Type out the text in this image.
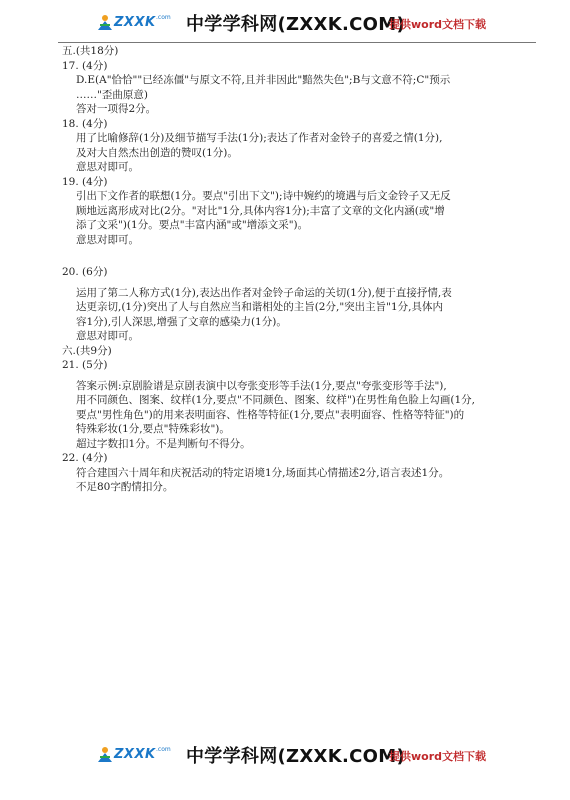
ZXXK .com 中学学科网(ZXXK.COM)
提供word文档下载
五.(共18分)
17. (4分)
D.E(A"恰恰""已经冻僵"与原文不符,且并非因此"黯然失色";B与文意不符;C"预示
……"歪曲原意)
答对一项得2分。
18. (4分)
用了比喻修辞(1分)及细节描写手法(1分);表达了作者对金铃子的喜爱之情(1分),
及对大自然杰出创造的赞叹(1分)。
意思对即可。
19. (4分)
引出下文作者的联想(1分。要点"引出下文");诗中婉约的境遇与后文金铃子又无反
顾地远离形成对比(2分。"对比"1分,具体内容1分);丰富了文章的文化内涵(或"增
添了文采")(1分。要点"丰富内涵"或"增添文采")。
意思对即可。
20. (6分)
运用了第二人称方式(1分),表达出作者对金铃子命运的关切(1分),便于直接抒情,表
达更亲切,(1分)突出了人与自然应当和谐相处的主旨(2分,"突出主旨"1分,具体内
容1分),引人深思,增强了文章的感染力(1分)。
意思对即可。
六.(共9分)
21. (5分)
答案示例:京剧脸谱是京剧表演中以夸张变形等手法(1分,要点"夸张变形等手法"),
用不同颜色、图案、纹样(1分,要点"不同颜色、图案、纹样")在男性角色脸上勾画(1分,
要点"男性角色")的用来表明面容、性格等特征(1分,要点"表明面容、性格等特征")的
特殊彩妆(1分,要点"特殊彩妆")。
超过字数扣1分。不是判断句不得分。
22. (4分)
符合建国六十周年和庆祝活动的特定语境1分,场面其心情描述2分,语言表述1分。
不足80字酌情扣分。
ZXXK .com 中学学科网(ZXXK.COM)
提供word文档下载
